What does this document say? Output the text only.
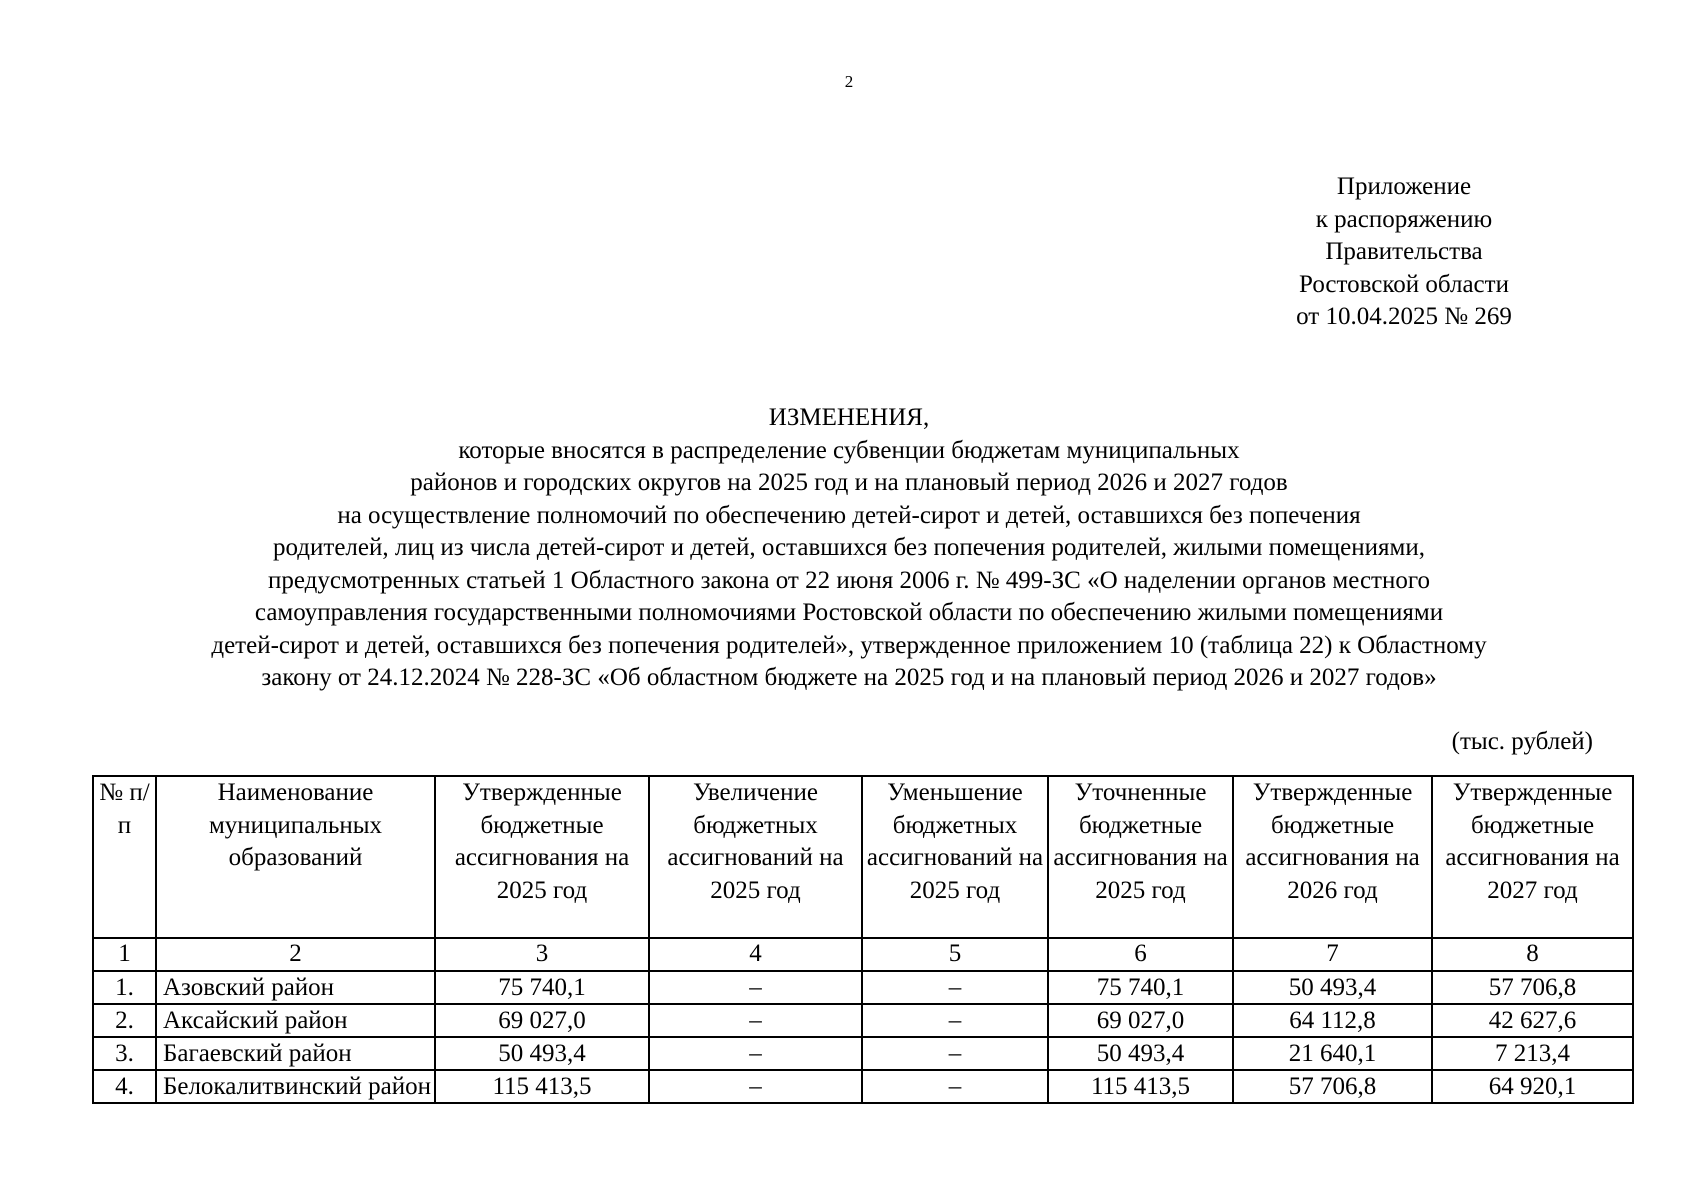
2
Приложение
к распоряжению
Правительства
Ростовской области
от 10.04.2025 № 269
ИЗМЕНЕНИЯ,
которые вносятся в распределение субвенции бюджетам муниципальных
районов и городских округов на 2025 год и на плановый период 2026 и 2027 годов
на осуществление полномочий по обеспечению детей-сирот и детей, оставшихся без попечения
родителей, лиц из числа детей-сирот и детей, оставшихся без попечения родителей, жилыми помещениями,
предусмотренных статьей 1 Областного закона от 22 июня 2006 г. № 499-ЗС «О наделении органов местного
самоуправления государственными полномочиями Ростовской области по обеспечению жилыми помещениями
детей-сирот и детей, оставшихся без попечения родителей», утвержденное приложением 10 (таблица 22) к Областному
закону от 24.12.2024 № 228-ЗС «Об областном бюджете на 2025 год и на плановый период 2026 и 2027 годов»
(тыс. рублей)
№ п/п	Наименование муниципальных образований	Утвержденные бюджетные ассигнования на 2025 год	Увеличение бюджетных ассигнований на 2025 год	Уменьшение бюджетных ассигнований на 2025 год	Уточненные бюджетные ассигнования на 2025 год	Утвержденные бюджетные ассигнования на 2026 год	Утвержденные бюджетные ассигнования на 2027 год
1	2	3	4	5	6	7	8
1.	Азовский район	75 740,1	–	–	75 740,1	50 493,4	57 706,8
2.	Аксайский район	69 027,0	–	–	69 027,0	64 112,8	42 627,6
3.	Багаевский район	50 493,4	–	–	50 493,4	21 640,1	7 213,4
4.	Белокалитвинский район	115 413,5	–	–	115 413,5	57 706,8	64 920,1
